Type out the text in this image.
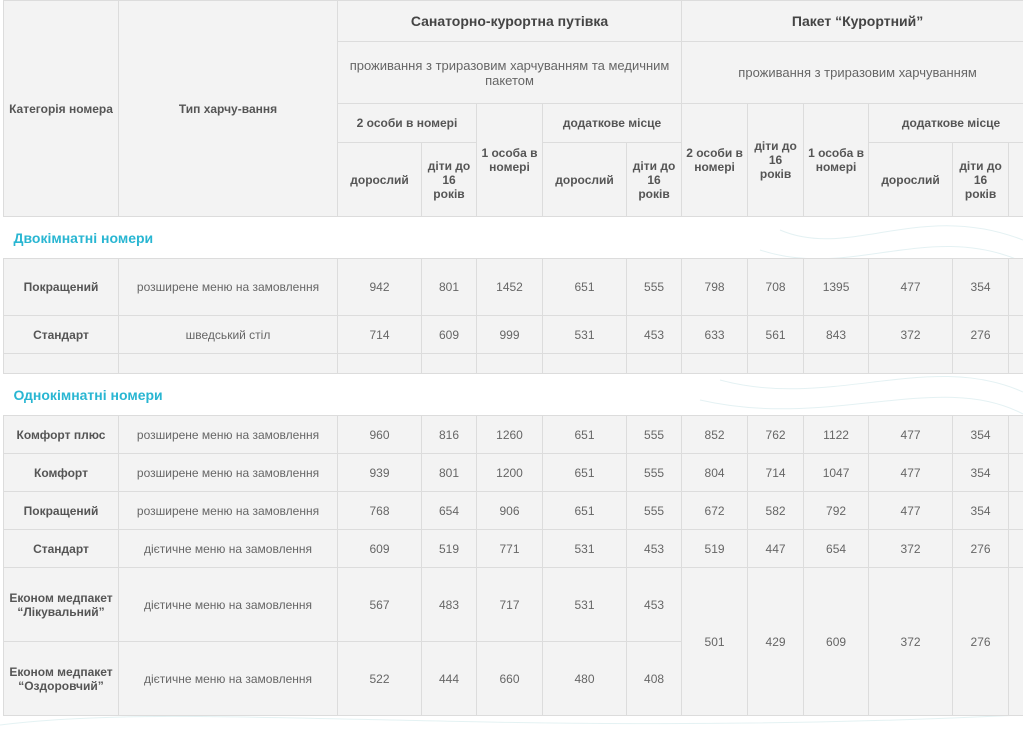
Категорія номера	Тип харчу-вання	Санаторно-курортна путівка					Пакет “Курортний”					
		проживання з триразовим харчуванням та медичним пакетом					проживання з триразовим харчуванням					
		2 особи в номері		1 особа в номері	додаткове місце		2 особи в номері	діти до 16 років	1 особа в номері	додаткове місце		
		дорослий	діти до 16 років		дорослий	діти до 16 років				дорослий	діти до 16 років	
Двокімнатні номери												
Покращений	розширене меню на замовлення	942	801	1452	651	555	798	708	1395	477	354	
Стандарт	шведський стіл	714	609	999	531	453	633	561	843	372	276	

Однокімнатні номери												
Комфорт плюс	розширене меню на замовлення	960	816	1260	651	555	852	762	1122	477	354	
Комфорт	розширене меню на замовлення	939	801	1200	651	555	804	714	1047	477	354	
Покращений	розширене меню на замовлення	768	654	906	651	555	672	582	792	477	354	
Стандарт	дієтичне меню на замовлення	609	519	771	531	453	519	447	654	372	276	
Економ медпакет “Лікувальний”	дієтичне меню на замовлення	567	483	717	531	453	501	429	609	372	276	
Економ медпакет “Оздоровчий”	дієтичне меню на замовлення	522	444	660	480	408						
